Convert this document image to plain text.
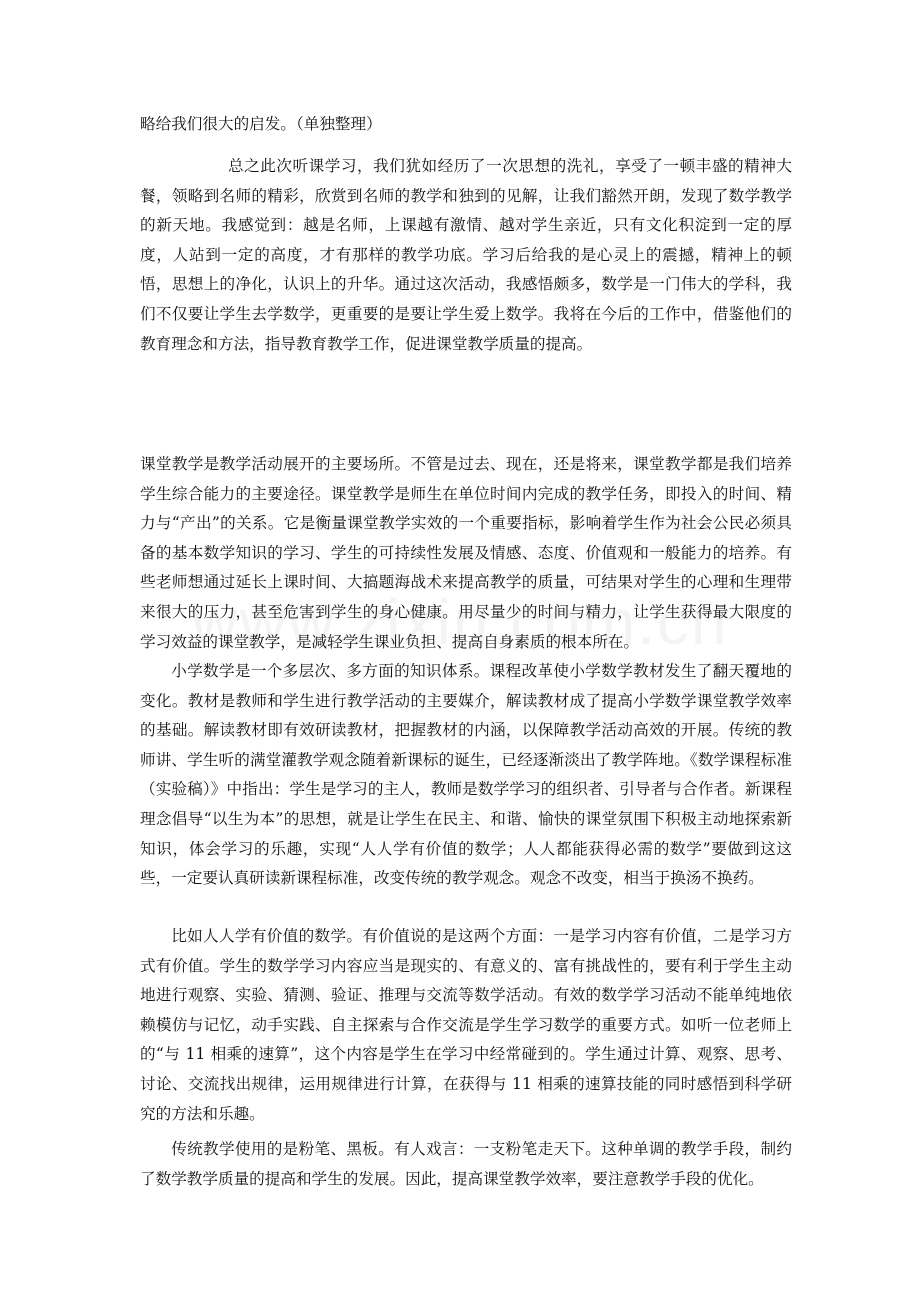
略给我们很大的启发。（单独整理）

总之此次听课学习，我们犹如经历了一次思想的洗礼，享受了一顿丰盛的精神大餐，领略到名师的精彩，欣赏到名师的教学和独到的见解，让我们豁然开朗，发现了数学教学的新天地。我感觉到：越是名师，上课越有激情、越对学生亲近，只有文化积淀到一定的厚度，人站到一定的高度，才有那样的教学功底。学习后给我的是心灵上的震撼，精神上的顿悟，思想上的净化，认识上的升华。通过这次活动，我感悟颇多，数学是一门伟大的学科，我们不仅要让学生去学数学，更重要的是要让学生爱上数学。我将在今后的工作中，借鉴他们的教育理念和方法，指导教育教学工作，促进课堂教学质量的提高。

课堂教学是教学活动展开的主要场所。不管是过去、现在，还是将来，课堂教学都是我们培养学生综合能力的主要途径。课堂教学是师生在单位时间内完成的教学任务，即投入的时间、精力与“产出”的关系。它是衡量课堂教学实效的一个重要指标，影响着学生作为社会公民必须具备的基本数学知识的学习、学生的可持续性发展及情感、态度、价值观和一般能力的培养。有些老师想通过延长上课时间、大搞题海战术来提高教学的质量，可结果对学生的心理和生理带来很大的压力，甚至危害到学生的身心健康。用尽量少的时间与精力，让学生获得最大限度的学习效益的课堂教学，是减轻学生课业负担、提高自身素质的根本所在。

小学数学是一个多层次、多方面的知识体系。课程改革使小学数学教材发生了翻天覆地的变化。教材是教师和学生进行教学活动的主要媒介，解读教材成了提高小学数学课堂教学效率的基础。解读教材即有效研读教材，把握教材的内涵，以保障教学活动高效的开展。传统的教师讲、学生听的满堂灌教学观念随着新课标的诞生，已经逐渐淡出了教学阵地。《数学课程标准（实验稿）》中指出：学生是学习的主人，教师是数学学习的组织者、引导者与合作者。新课程理念倡导“以生为本”的思想，就是让学生在民主、和谐、愉快的课堂氛围下积极主动地探索新知识，体会学习的乐趣，实现“人人学有价值的数学；人人都能获得必需的数学”要做到这这些，一定要认真研读新课程标准，改变传统的教学观念。观念不改变，相当于换汤不换药。

比如人人学有价值的数学。有价值说的是这两个方面：一是学习内容有价值，二是学习方式有价值。学生的数学学习内容应当是现实的、有意义的、富有挑战性的，要有利于学生主动地进行观察、实验、猜测、验证、推理与交流等数学活动。有效的数学学习活动不能单纯地依赖模仿与记忆，动手实践、自主探索与合作交流是学生学习数学的重要方式。如听一位老师上的“与 11 相乘的速算”，这个内容是学生在学习中经常碰到的。学生通过计算、观察、思考、讨论、交流找出规律，运用规律进行计算，在获得与 11 相乘的速算技能的同时感悟到科学研究的方法和乐趣。

传统教学使用的是粉笔、黑板。有人戏言：一支粉笔走天下。这种单调的教学手段，制约了数学教学质量的提高和学生的发展。因此，提高课堂教学效率，要注意教学手段的优化。
